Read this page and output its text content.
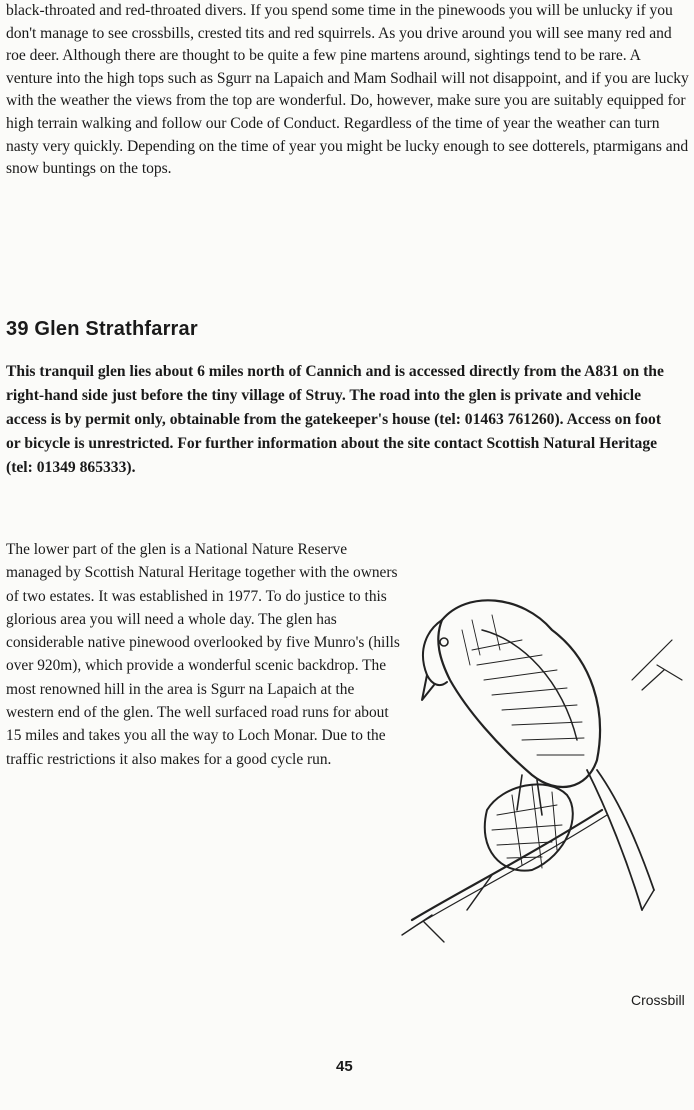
black-throated and red-throated divers. If you spend some time in the pinewoods you will be unlucky if you don't manage to see crossbills, crested tits and red squirrels. As you drive around you will see many red and roe deer. Although there are thought to be quite a few pine martens around, sightings tend to be rare. A venture into the high tops such as Sgurr na Lapaich and Mam Sodhail will not disappoint, and if you are lucky with the weather the views from the top are wonderful. Do, however, make sure you are suitably equipped for high terrain walking and follow our Code of Conduct. Regardless of the time of year the weather can turn nasty very quickly. Depending on the time of year you might be lucky enough to see dotterels, ptarmigans and snow buntings on the tops.

39 Glen Strathfarrar

This tranquil glen lies about 6 miles north of Cannich and is accessed directly from the A831 on the right-hand side just before the tiny village of Struy. The road into the glen is private and vehicle access is by permit only, obtainable from the gatekeeper's house (tel: 01463 761260). Access on foot or bicycle is unrestricted. For further information about the site contact Scottish Natural Heritage (tel: 01349 865333).

The lower part of the glen is a National Nature Reserve managed by Scottish Natural Heritage together with the owners of two estates. It was established in 1977. To do justice to this glorious area you will need a whole day. The glen has considerable native pinewood overlooked by five Munro's (hills over 920m), which provide a wonderful scenic backdrop. The most renowned hill in the area is Sgurr na Lapaich at the western end of the glen. The well surfaced road runs for about 15 miles and takes you all the way to Loch Monar. Due to the traffic restrictions it also makes for a good cycle run.

Crossbill
45
